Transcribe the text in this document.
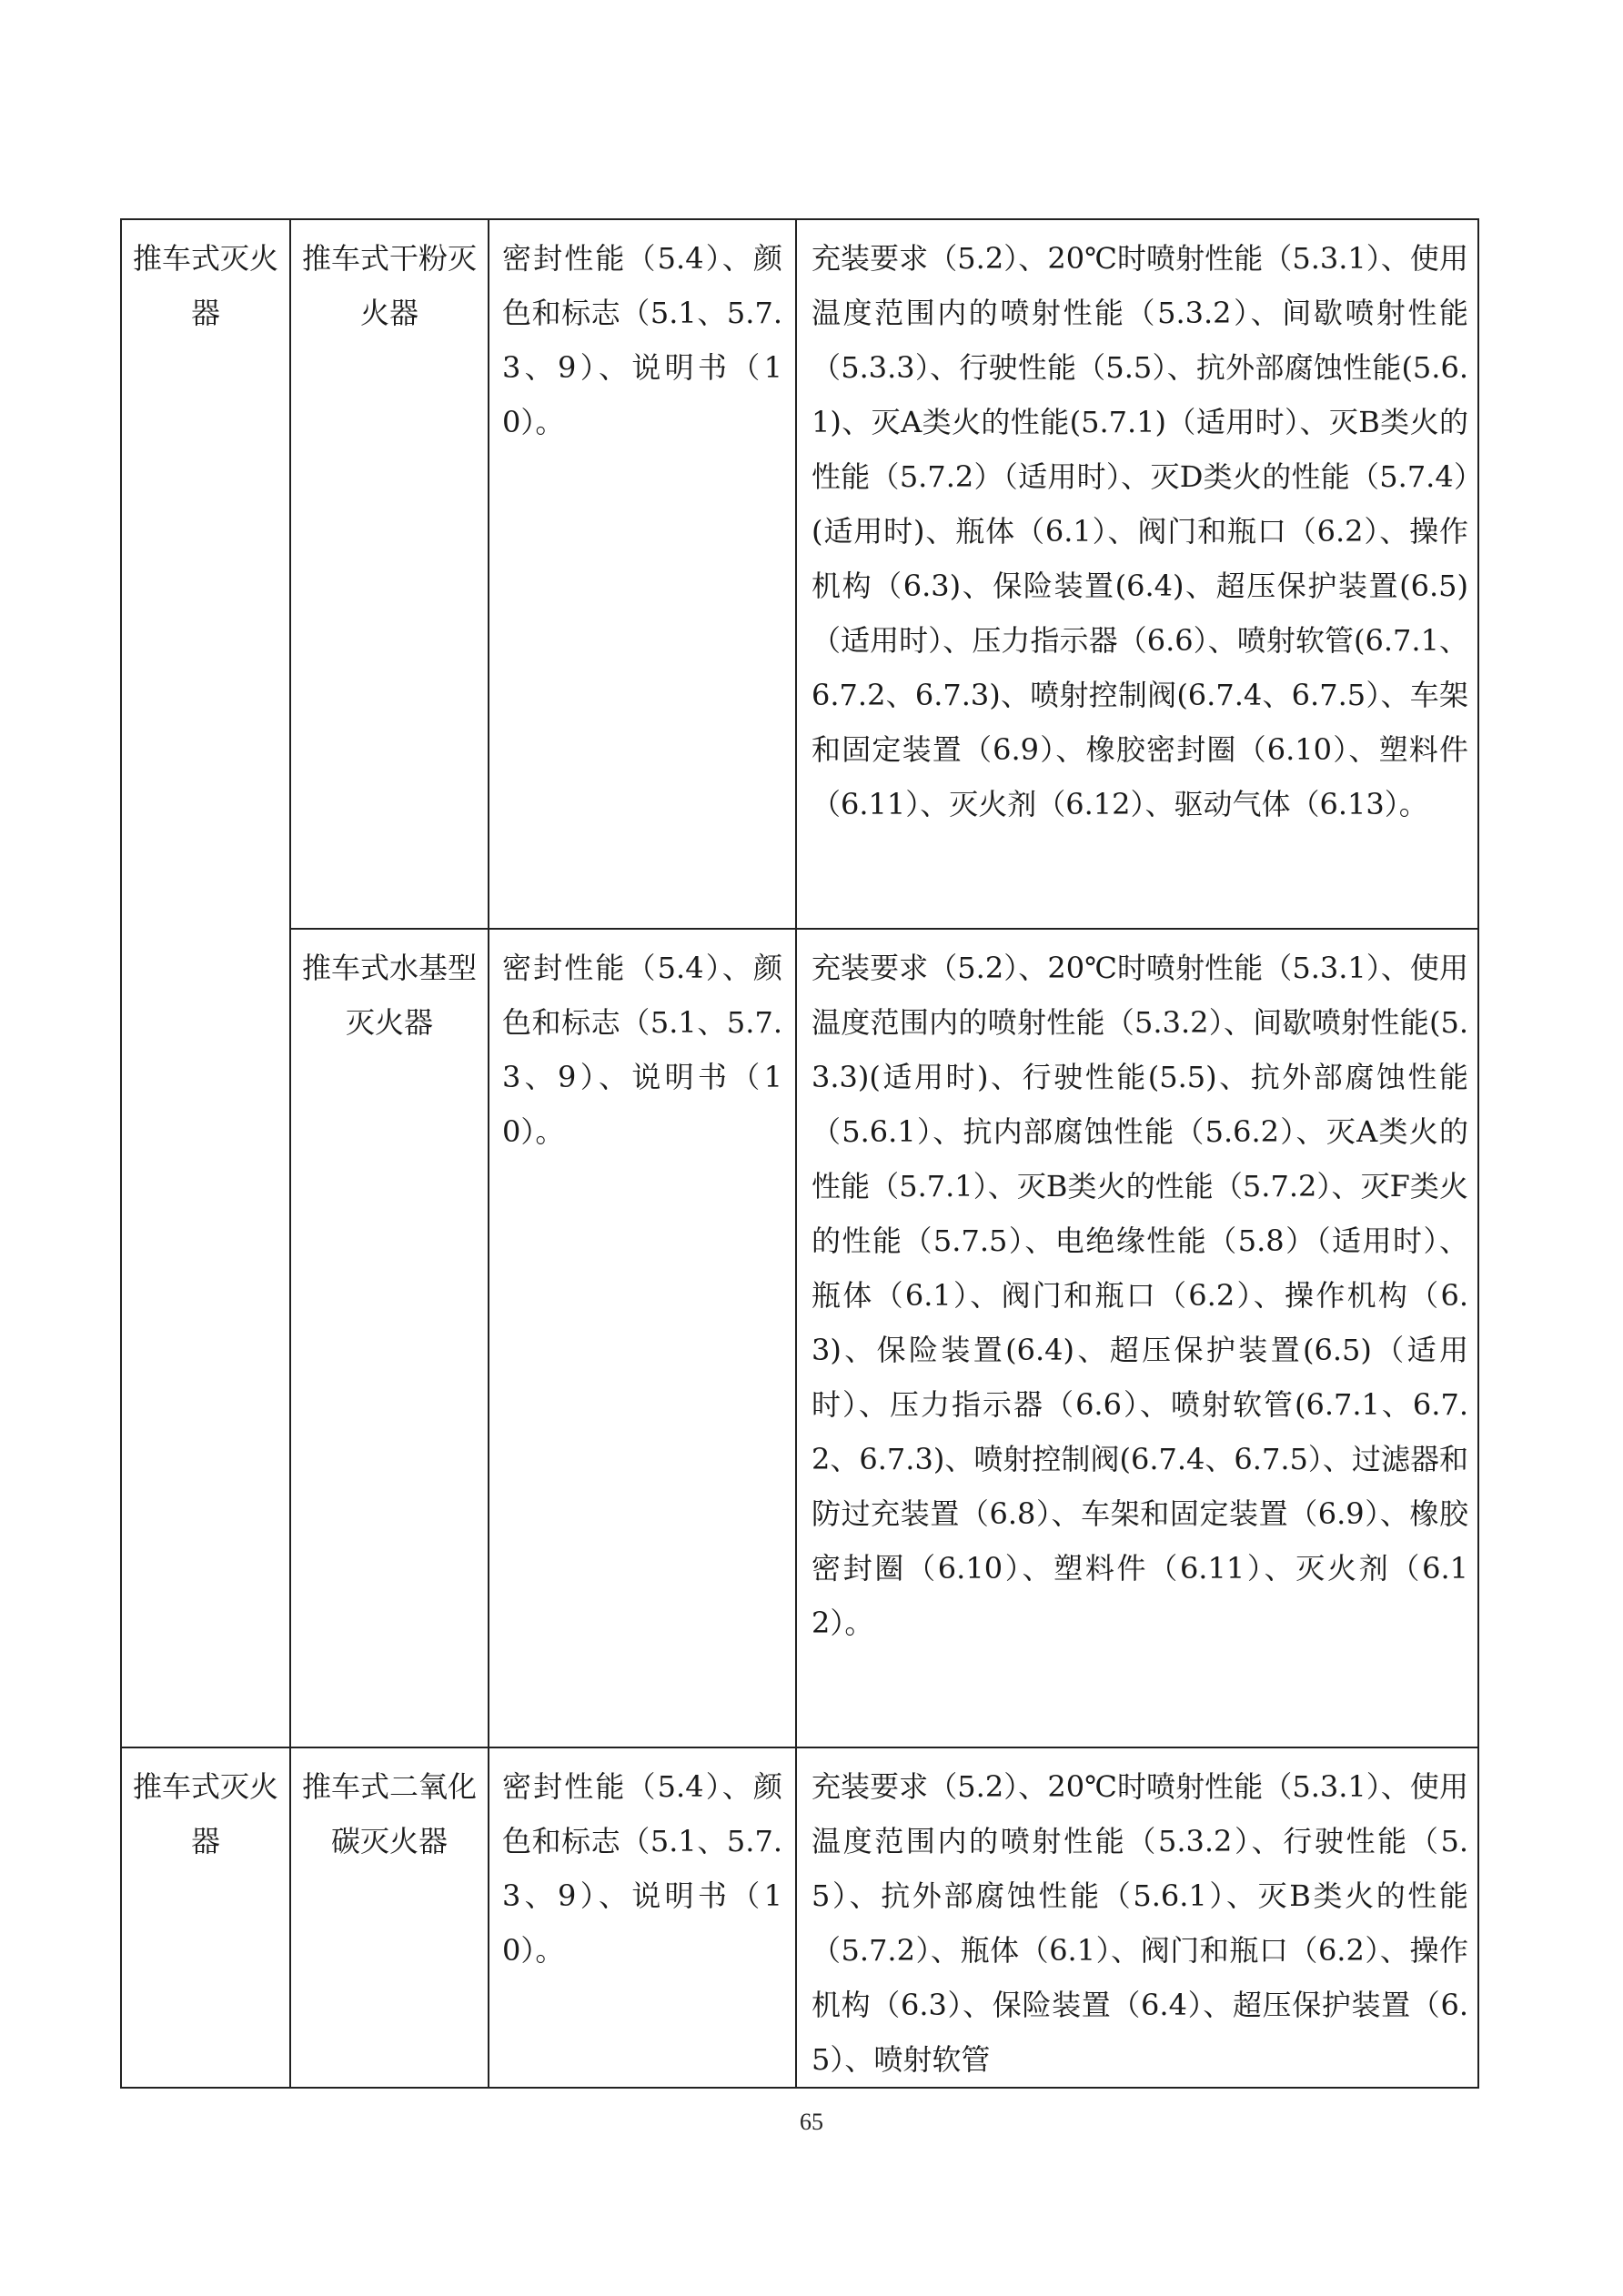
推车式灭火器	推车式干粉灭火器	密封性能（5.4）、颜色和标志（5.1、5.7.3、9）、说明书（10）。	充装要求（5.2）、20℃时喷射性能（5.3.1）、使用温度范围内的喷射性能（5.3.2）、间歇喷射性能（5.3.3）、行驶性能（5.5）、抗外部腐蚀性能(5.6.1)、灭A类火的性能(5.7.1)（适用时）、灭B类火的性能（5.7.2）（适用时）、灭D类火的性能（5.7.4）(适用时)、瓶体（6.1）、阀门和瓶口（6.2）、操作机构（6.3)、保险装置(6.4)、超压保护装置(6.5)（适用时）、压力指示器（6.6）、喷射软管(6.7.1、6.7.2、6.7.3)、喷射控制阀(6.7.4、6.7.5）、车架和固定装置（6.9）、橡胶密封圈（6.10）、塑料件（6.11）、灭火剂（6.12）、驱动气体（6.13）。

	推车式水基型灭火器	密封性能（5.4）、颜色和标志（5.1、5.7.3、9）、说明书（10）。	充装要求（5.2）、20℃时喷射性能（5.3.1）、使用温度范围内的喷射性能（5.3.2）、间歇喷射性能(5.3.3)(适用时)、行驶性能(5.5)、抗外部腐蚀性能（5.6.1）、抗内部腐蚀性能（5.6.2）、灭A类火的性能（5.7.1）、灭B类火的性能（5.7.2）、灭F类火的性能（5.7.5）、电绝缘性能（5.8）（适用时）、瓶体（6.1）、阀门和瓶口（6.2）、操作机构（6.3)、保险装置(6.4)、超压保护装置(6.5)（适用时）、压力指示器（6.6）、喷射软管(6.7.1、6.7.2、6.7.3)、喷射控制阀(6.7.4、6.7.5）、过滤器和防过充装置（6.8）、车架和固定装置（6.9）、橡胶密封圈（6.10）、塑料件（6.11）、灭火剂（6.12）。

推车式灭火器	推车式二氧化碳灭火器	密封性能（5.4）、颜色和标志（5.1、5.7.3、9）、说明书（10）。	充装要求（5.2）、20℃时喷射性能（5.3.1）、使用温度范围内的喷射性能（5.3.2）、行驶性能（5.5）、抗外部腐蚀性能（5.6.1）、灭B类火的性能（5.7.2）、瓶体（6.1）、阀门和瓶口（6.2）、操作机构（6.3）、保险装置（6.4）、超压保护装置（6.5）、喷射软管
65
